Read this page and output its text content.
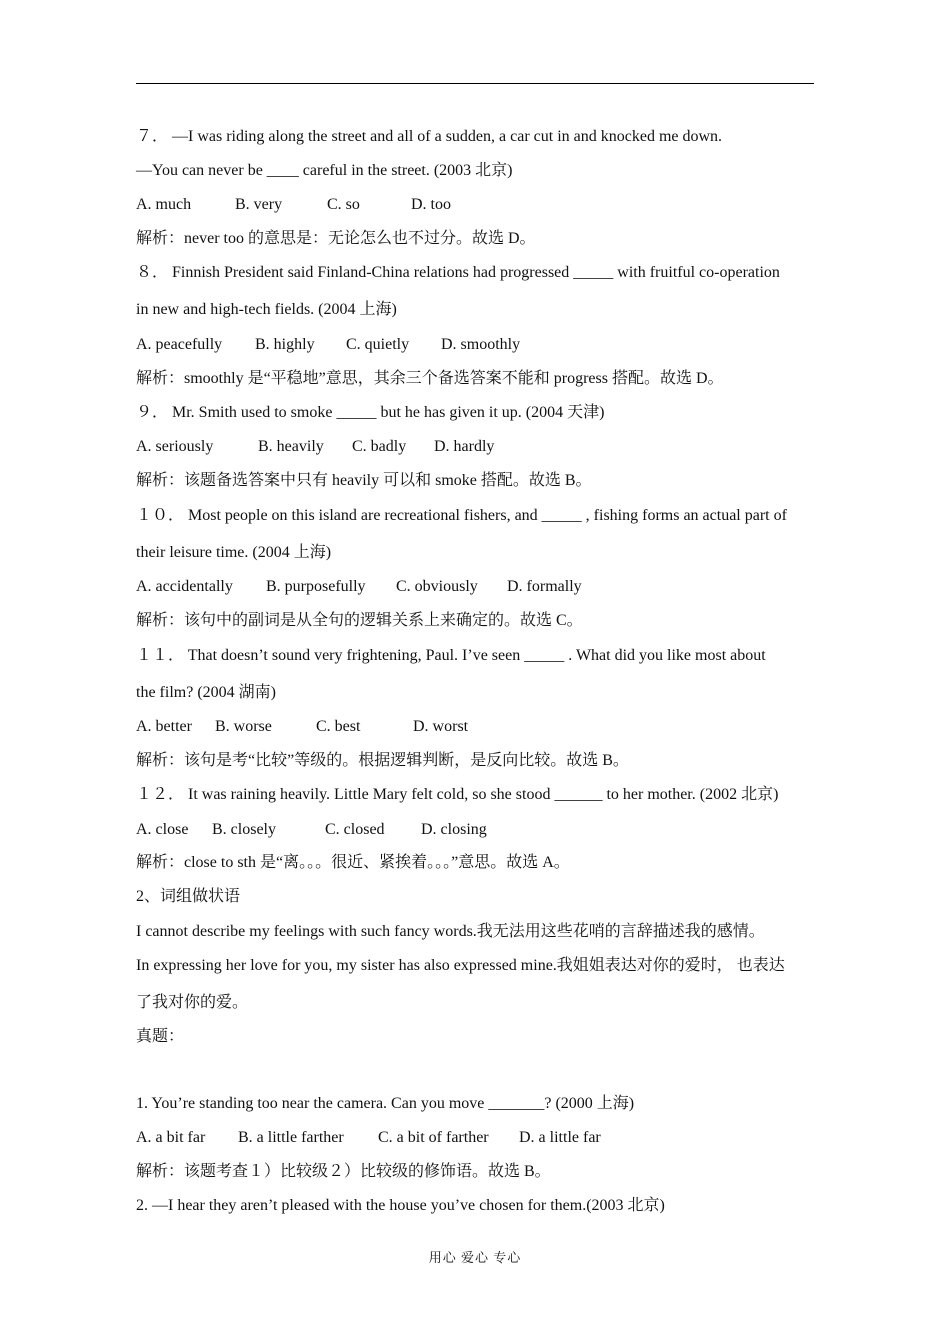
７． —I was riding along the street and all of a sudden, a car cut in and knocked me down.
—You can never be ____ careful in the street. (2003 北京)
A. much	B. very	C. so	D. too
解析：never too 的意思是：无论怎么也不过分。故选 D。
８． Finnish President said Finland-China relations had progressed _____ with fruitful co-operation
in new and high-tech fields. (2004 上海)
A. peacefully B. highly C. quietly D. smoothly
解析：smoothly 是“平稳地”意思，其余三个备选答案不能和 progress 搭配。故选 D。
９． Mr. Smith used to smoke _____ but he has given it up. (2004 天津)
A. seriously	B. heavily C. badly D. hardly
解析：该题备选答案中只有 heavily 可以和 smoke 搭配。故选 B。
１０． Most people on this island are recreational fishers, and _____ , fishing forms an actual part of
their leisure time. (2004 上海)
A. accidentally B. purposefully C. obviously D. formally
解析：该句中的副词是从全句的逻辑关系上来确定的。故选 C。
１１． That doesn’t sound very frightening, Paul. I’ve seen _____ . What did you like most about
the film? (2004 湖南)
A. better B. worse	C. best	D. worst
解析：该句是考“比较”等级的。根据逻辑判断，是反向比较。故选 B。
１２． It was raining heavily. Little Mary felt cold, so she stood ______ to her mother. (2002 北京)
A. close B. closely	C. closed D. closing
解析：close to sth 是“离。。。很近、紧挨着。。。”意思。故选 A。
2、词组做状语
I cannot describe my feelings with such fancy words.我无法用这些花哨的言辞描述我的感情。
In expressing her love for you, my sister has also expressed mine.我姐姐表达对你的爱时， 也表达
了我对你的爱。
真题：
1. You’re standing too near the camera. Can you move _______? (2000 上海)
A. a bit far B. a little farther C. a bit of farther D. a little far
解析：该题考查１）比较级２）比较级的修饰语。故选 B。
2. —I hear they aren’t pleased with the house you’ve chosen for them.(2003 北京)
用心 爱心 专心
